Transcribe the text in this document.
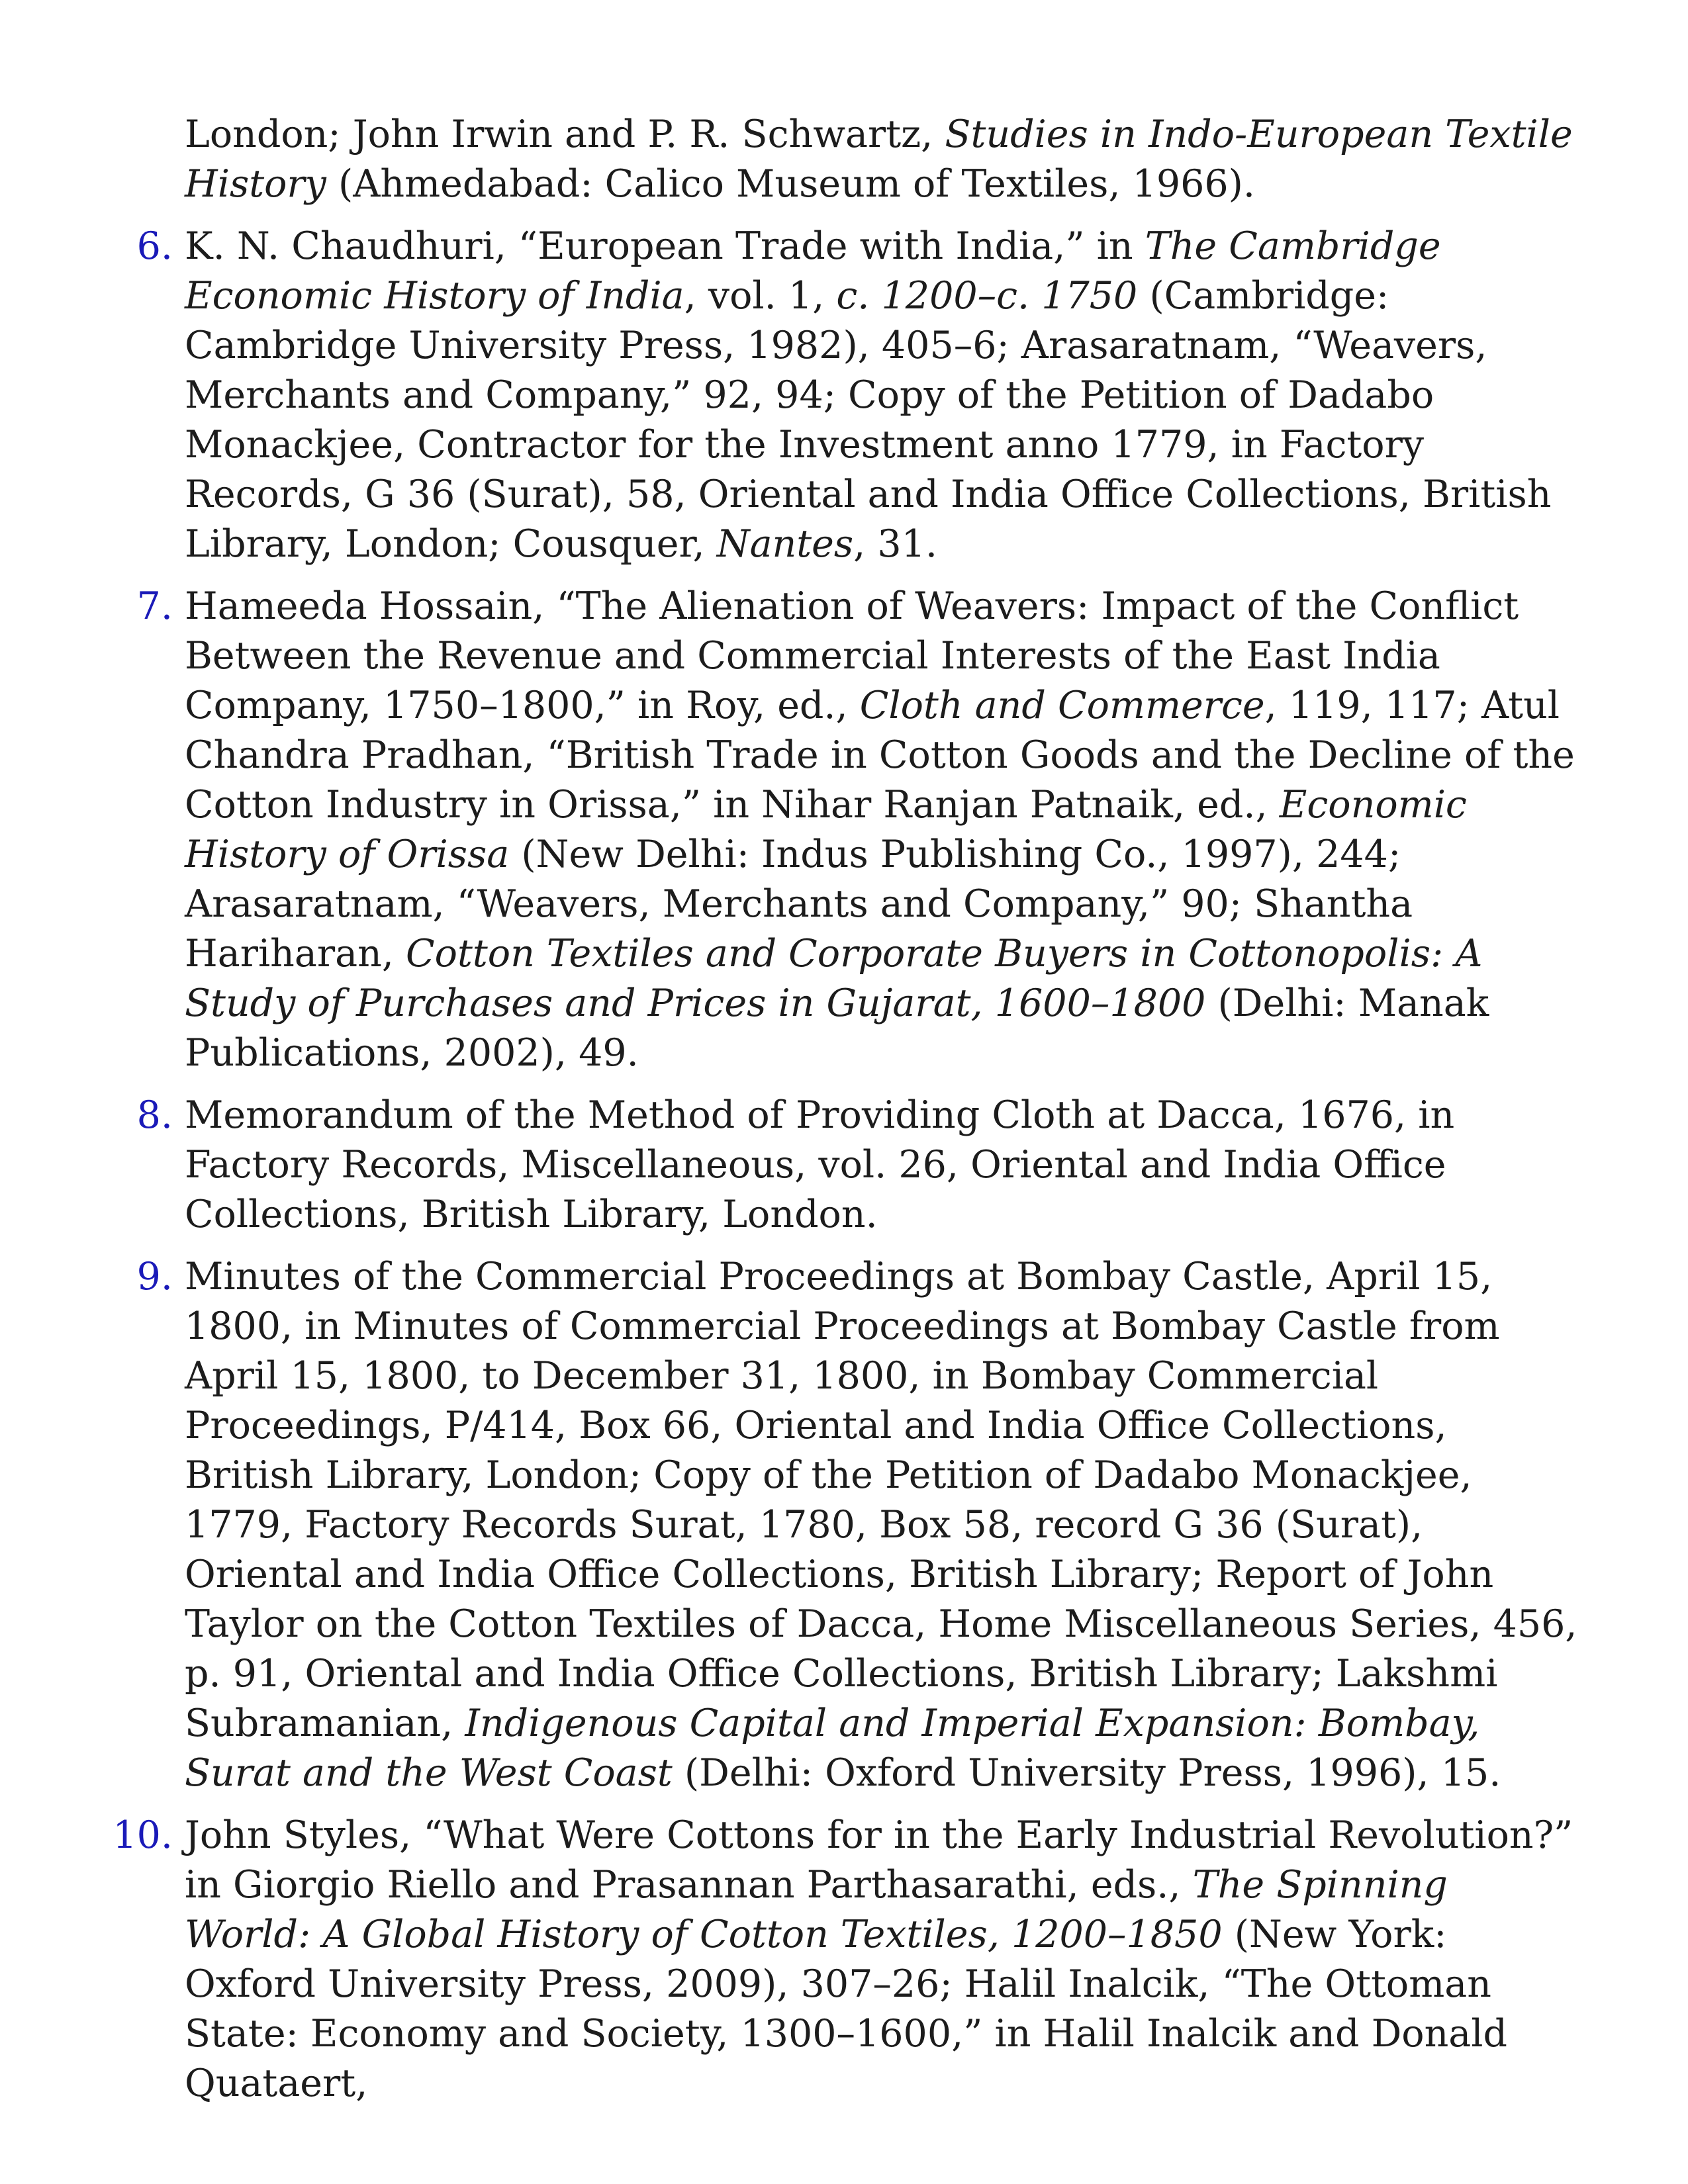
London; John Irwin and P. R. Schwartz, Studies in Indo-European Textile History (Ahmedabad: Calico Museum of Textiles, 1966).
6. K. N. Chaudhuri, “European Trade with India,” in The Cambridge Economic History of India, vol. 1, c. 1200–c. 1750 (Cambridge: Cambridge University Press, 1982), 405–6; Arasaratnam, “Weavers, Merchants and Company,” 92, 94; Copy of the Petition of Dadabo Monackjee, Contractor for the Investment anno 1779, in Factory Records, G 36 (Surat), 58, Oriental and India Office Collections, British Library, London; Cousquer, Nantes, 31.
7. Hameeda Hossain, “The Alienation of Weavers: Impact of the Conflict Between the Revenue and Commercial Interests of the East India Company, 1750–1800,” in Roy, ed., Cloth and Commerce, 119, 117; Atul Chandra Pradhan, “British Trade in Cotton Goods and the Decline of the Cotton Industry in Orissa,” in Nihar Ranjan Patnaik, ed., Economic History of Orissa (New Delhi: Indus Publishing Co., 1997), 244; Arasaratnam, “Weavers, Merchants and Company,” 90; Shantha Hariharan, Cotton Textiles and Corporate Buyers in Cottonopolis: A Study of Purchases and Prices in Gujarat, 1600–1800 (Delhi: Manak Publications, 2002), 49.
8. Memorandum of the Method of Providing Cloth at Dacca, 1676, in Factory Records, Miscellaneous, vol. 26, Oriental and India Office Collections, British Library, London.
9. Minutes of the Commercial Proceedings at Bombay Castle, April 15, 1800, in Minutes of Commercial Proceedings at Bombay Castle from April 15, 1800, to December 31, 1800, in Bombay Commercial Proceedings, P/414, Box 66, Oriental and India Office Collections, British Library, London; Copy of the Petition of Dadabo Monackjee, 1779, Factory Records Surat, 1780, Box 58, record G 36 (Surat), Oriental and India Office Collections, British Library; Report of John Taylor on the Cotton Textiles of Dacca, Home Miscellaneous Series, 456, p. 91, Oriental and India Office Collections, British Library; Lakshmi Subramanian, Indigenous Capital and Imperial Expansion: Bombay, Surat and the West Coast (Delhi: Oxford University Press, 1996), 15.
10. John Styles, “What Were Cottons for in the Early Industrial Revolution?” in Giorgio Riello and Prasannan Parthasarathi, eds., The Spinning World: A Global History of Cotton Textiles, 1200–1850 (New York: Oxford University Press, 2009), 307–26; Halil Inalcik, “The Ottoman State: Economy and Society, 1300–1600,” in Halil Inalcik and Donald Quataert,
